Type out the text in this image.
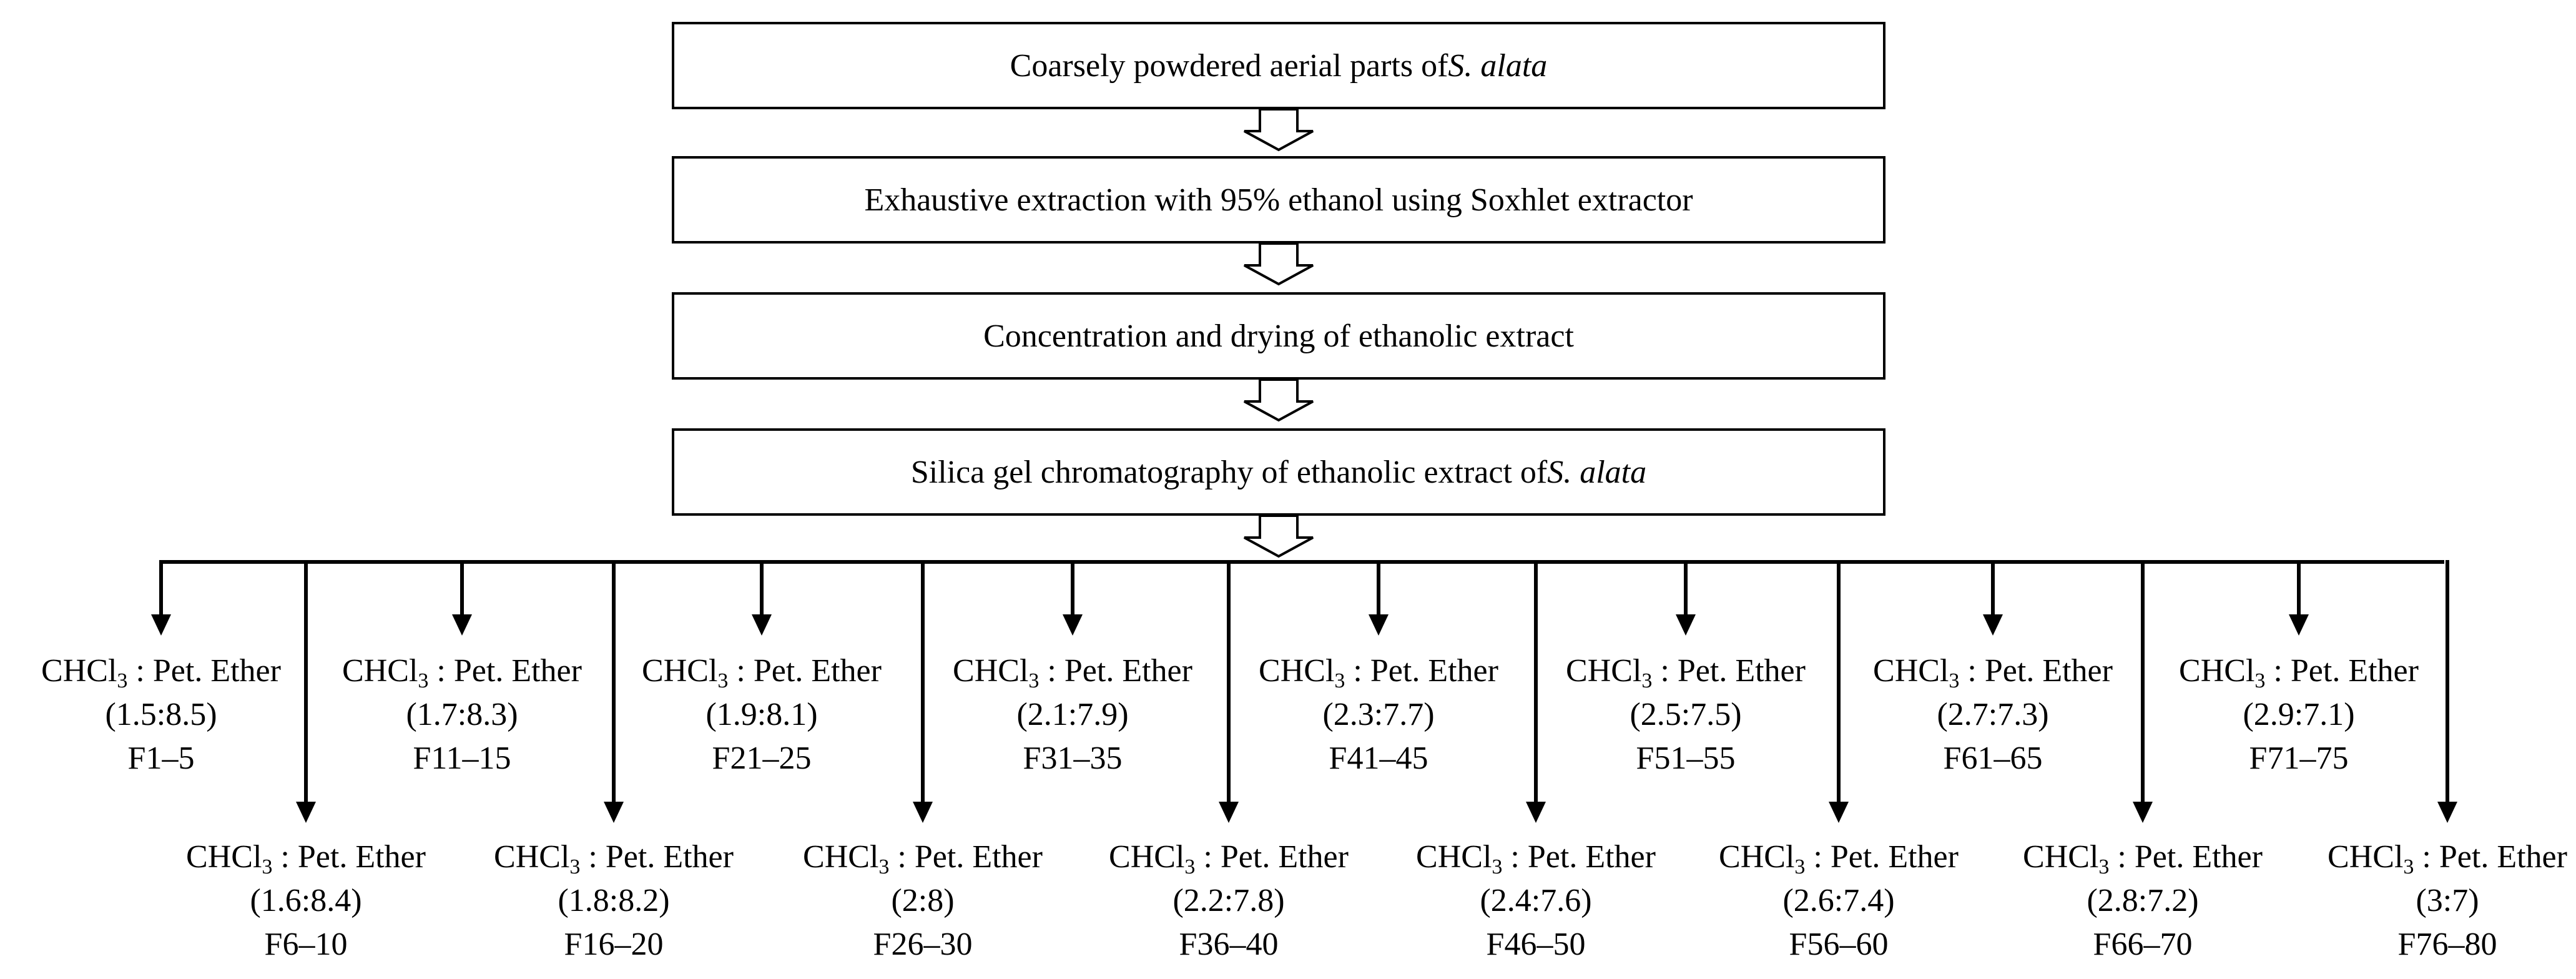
Coarsely powdered aerial parts of S. alata
Exhaustive extraction with 95% ethanol using Soxhlet extractor
Concentration and drying of ethanolic extract
Silica gel chromatography of ethanolic extract of S. alata
CHCl$_3$ : Pet. Ether
(1.5:8.5)
F1–5
CHCl$_3$ : Pet. Ether
(1.6:8.4)
F6–10
CHCl$_3$ : Pet. Ether
(1.7:8.3)
F11–15
CHCl$_3$ : Pet. Ether
(1.8:8.2)
F16–20
CHCl$_3$ : Pet. Ether
(1.9:8.1)
F21–25
CHCl$_3$ : Pet. Ether
(2:8)
F26–30
CHCl$_3$ : Pet. Ether
(2.1:7.9)
F31–35
CHCl$_3$ : Pet. Ether
(2.2:7.8)
F36–40
CHCl$_3$ : Pet. Ether
(2.3:7.7)
F41–45
CHCl$_3$ : Pet. Ether
(2.4:7.6)
F46–50
CHCl$_3$ : Pet. Ether
(2.5:7.5)
F51–55
CHCl$_3$ : Pet. Ether
(2.6:7.4)
F56–60
CHCl$_3$ : Pet. Ether
(2.7:7.3)
F61–65
CHCl$_3$ : Pet. Ether
(2.8:7.2)
F66–70
CHCl$_3$ : Pet. Ether
(2.9:7.1)
F71–75
CHCl$_3$ : Pet. Ether
(3:7)
F76–80
